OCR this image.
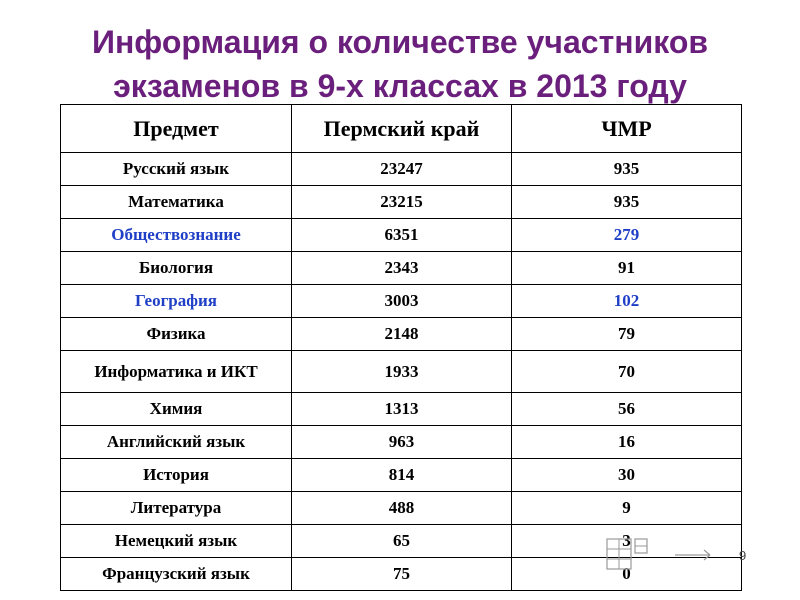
Информация о количестве участников
экзаменов в 9-х классах в 2013 году
Предмет	Пермский край	ЧМР
Русский язык	23247	935
Математика	23215	935
Обществознание	6351	279
Биология	2343	91
География	3003	102
Физика	2148	79
Информатика и ИКТ	1933	70
Химия	1313	56
Английский язык	963	16
История	814	30
Литература	488	9
Немецкий язык	65	3
Французский язык	75	0
9
